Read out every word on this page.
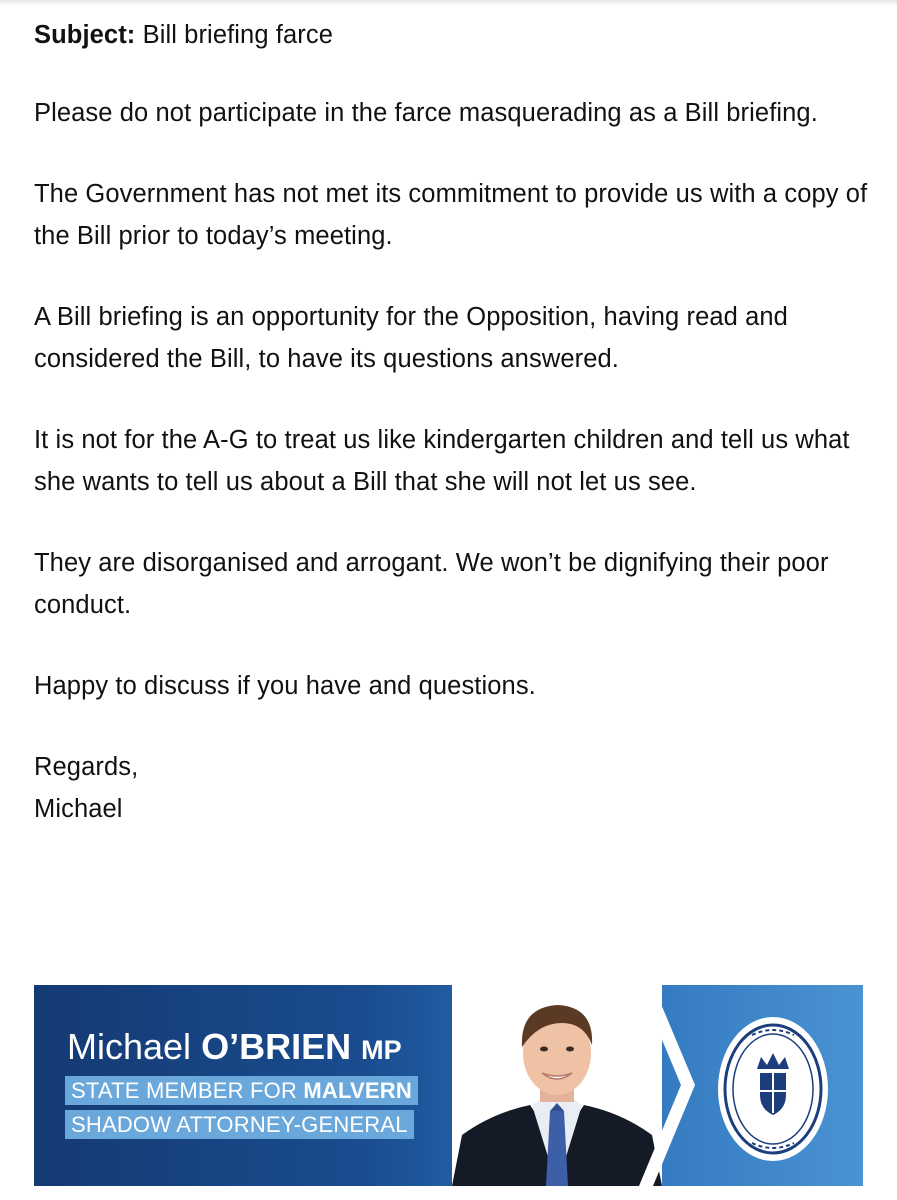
Subject: Bill briefing farce

Please do not participate in the farce masquerading as a Bill briefing.

The Government has not met its commitment to provide us with a copy of the Bill prior to today’s meeting.

A Bill briefing is an opportunity for the Opposition, having read and considered the Bill, to have its questions answered.

It is not for the A-G to treat us like kindergarten children and tell us what she wants to tell us about a Bill that she will not let us see.

They are disorganised and arrogant. We won’t be dignifying their poor conduct.

Happy to discuss if you have and questions.

Regards,

Michael

Michael O’BRIEN MP

STATE MEMBER FOR MALVERN
SHADOW ATTORNEY-GENERAL
